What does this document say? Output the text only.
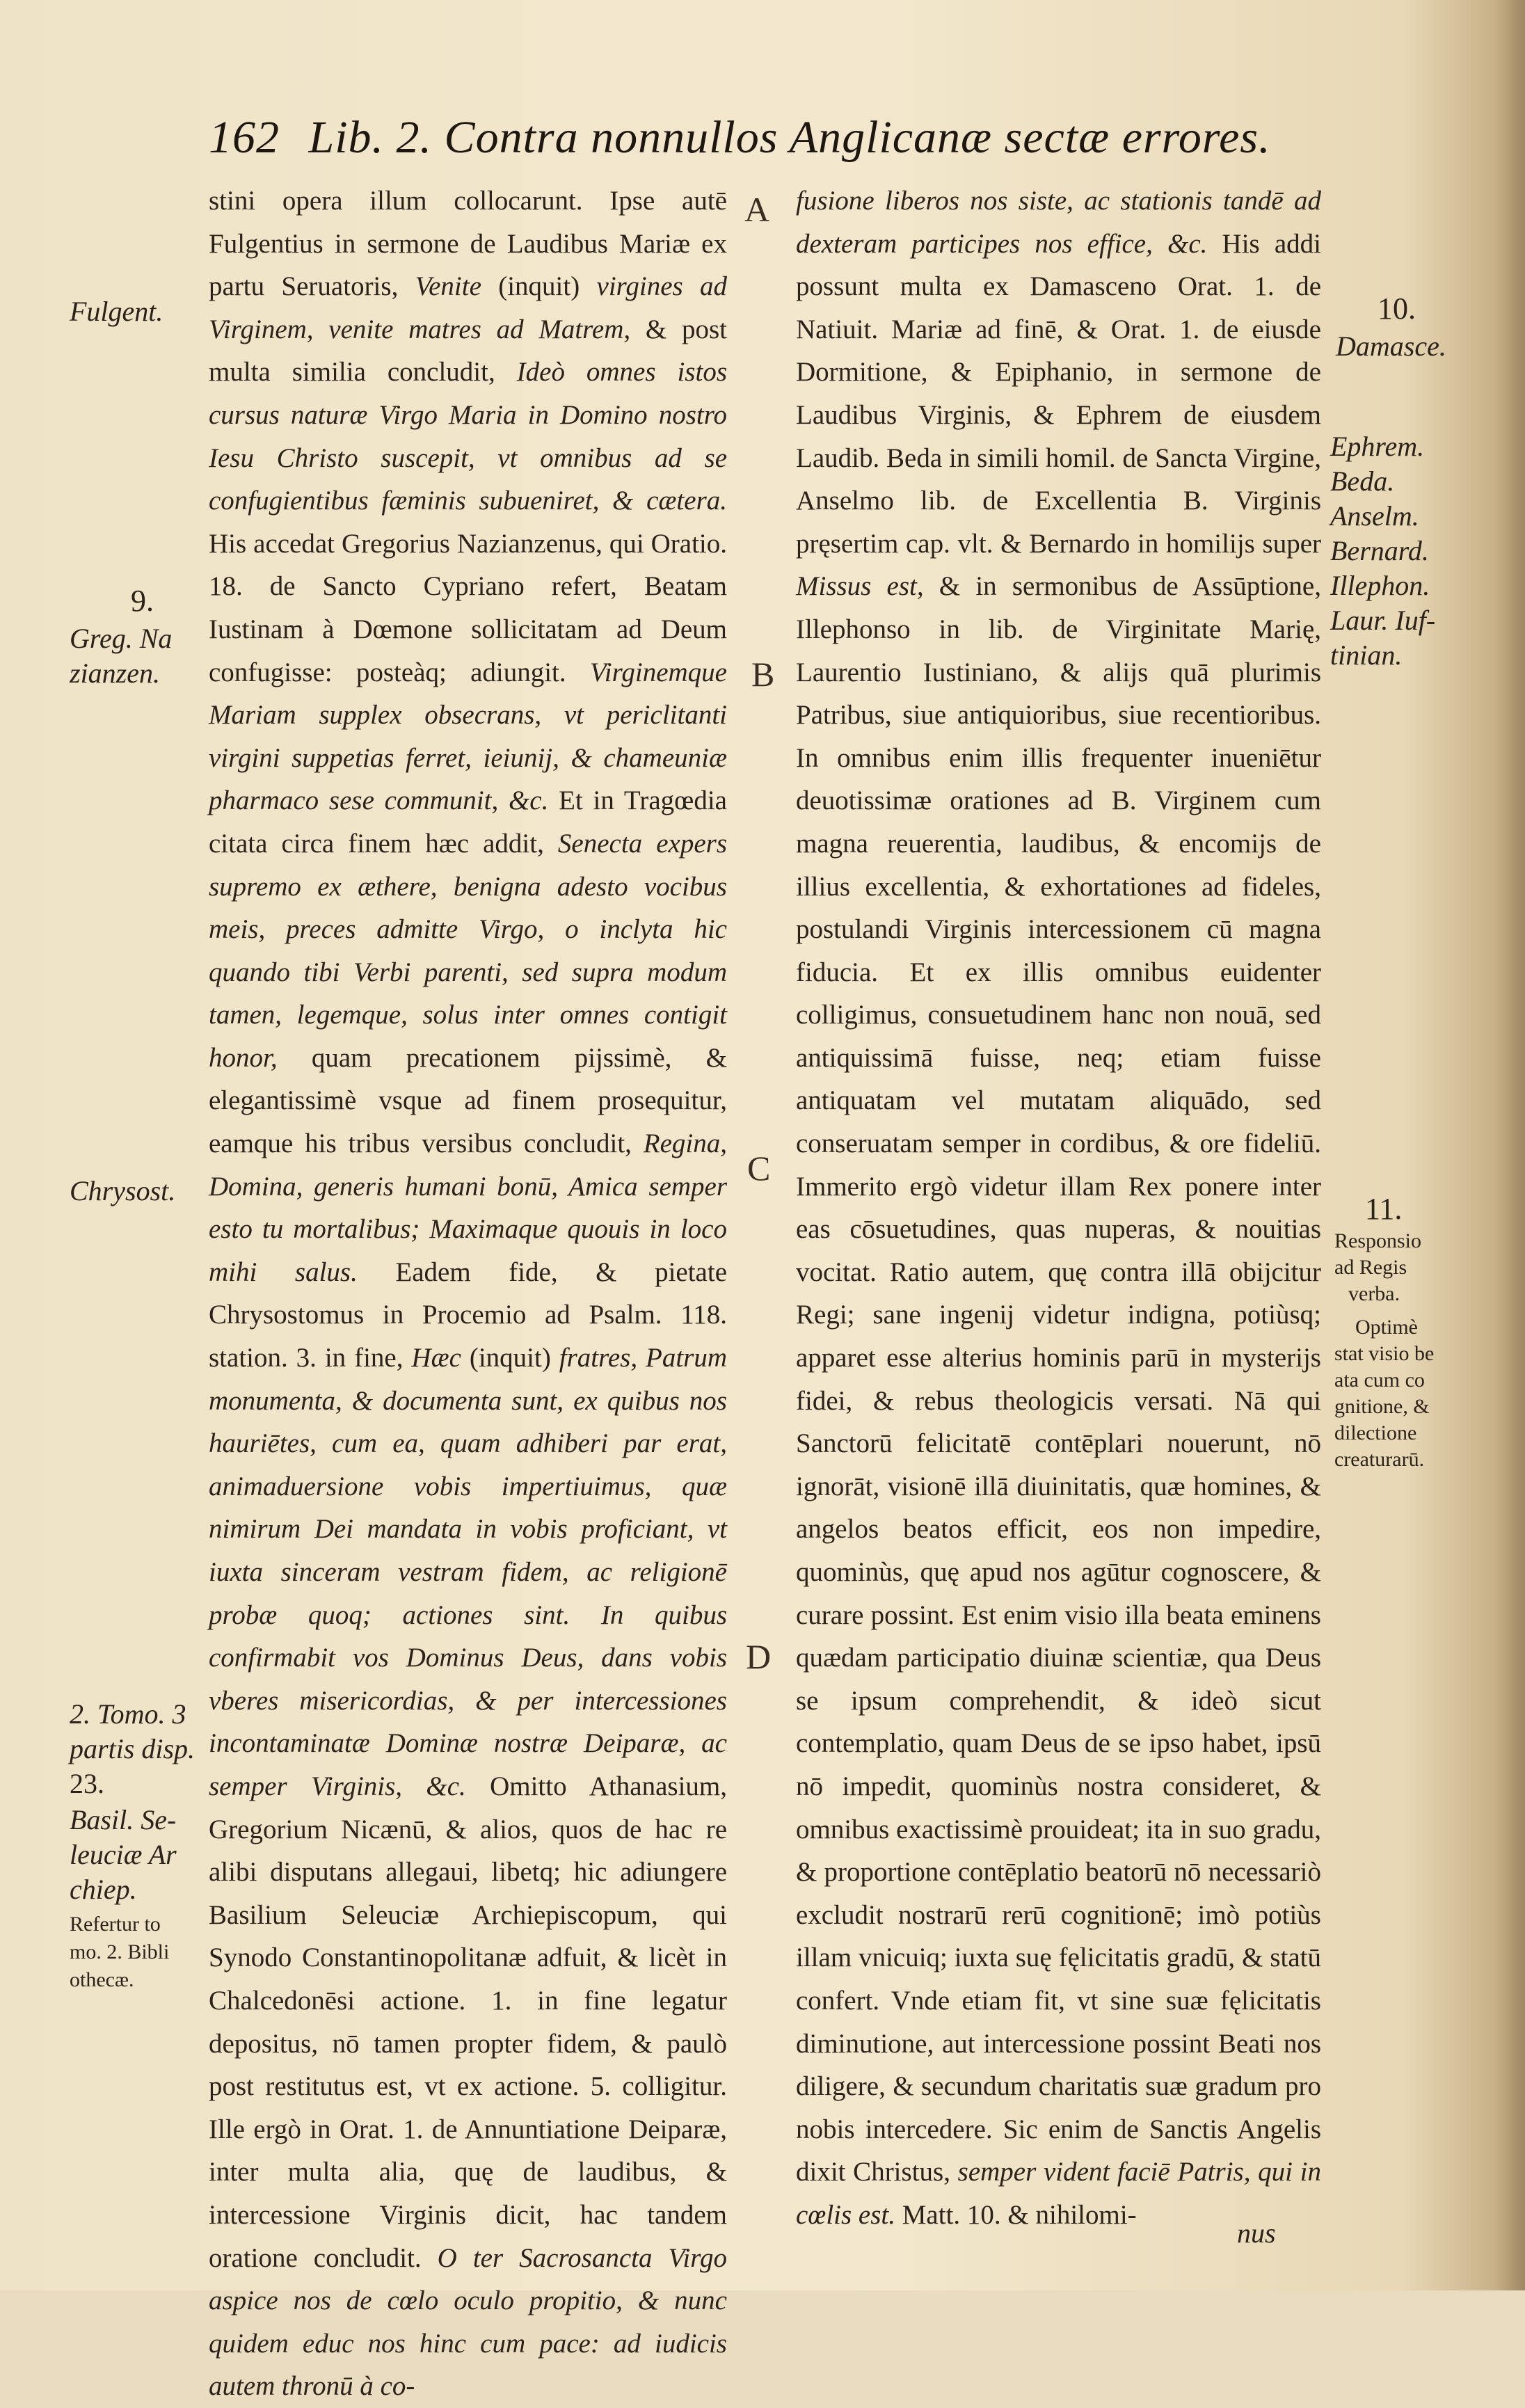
162 Lib. 2. Contra nonnullos Anglicanæ sectæ errores.

stini opera illum collocarunt. Ipse autē Fulgentius in sermone de Laudibus Mariæ ex partu Seruatoris, Venite (inquit) virgines ad Virginem, venite matres ad Matrem, & post multa similia concludit, Ideò omnes istos cursus naturæ Virgo Maria in Domino nostro Iesu Christo suscepit, vt omnibus ad se confugientibus fæminis subueniret, & cætera. His accedat Gregorius Nazianzenus, qui Oratio. 18. de Sancto Cypriano refert, Beatam Iustinam à Dœmone sollicitatam ad Deum confugisse: posteàq; adiungit. Virginemque Mariam supplex obsecrans, vt periclitanti virgini suppetias ferret, ieiunij, & chameuniæ pharmaco sese communit, &c. Et in Tragœdia citata circa finem hæc addit, Senecta expers supremo ex æthere, benigna adesto vocibus meis, preces admitte Virgo, o inclyta hic quando tibi Verbi parenti, sed supra modum tamen, legemque, solus inter omnes contigit honor, quam precationem pijssimè, & elegantissimè vsque ad finem prosequitur, eamque his tribus versibus concludit, Regina, Domina, generis humani bonū, Amica semper esto tu mortalibus; Maximaque quouis in loco mihi salus. Eadem fide, & pietate Chrysostomus in Procemio ad Psalm. 118. station. 3. in fine, Hæc (inquit) fratres, Patrum monumenta, & documenta sunt, ex quibus nos hauriētes, cum ea, quam adhiberi par erat, animaduersione vobis impertiuimus, quæ nimirum Dei mandata in vobis proficiant, vt iuxta sinceram vestram fidem, ac religionē probæ quoq; actiones sint. In quibus confirmabit vos Dominus Deus, dans vobis vberes misericordias, & per intercessiones incontaminatæ Dominæ nostræ Deiparæ, ac semper Virginis, &c. Omitto Athanasium, Gregorium Nicænū, & alios, quos de hac re alibi disputans allegaui, libetq; hic adiungere Basilium Seleuciæ Archiepiscopum, qui Synodo Constantinopolitanæ adfuit, & licèt in Chalcedonēsi actione. 1. in fine legatur depositus, nō tamen propter fidem, & paulò post restitutus est, vt ex actione. 5. colligitur. Ille ergò in Orat. 1. de Annuntiatione Deiparæ, inter multa alia, quę de laudibus, & intercessione Virginis dicit, hac tandem oratione concludit. O ter Sacrosancta Virgo aspice nos de cœlo oculo propitio, & nunc quidem educ nos hinc cum pace: ad iudicis autem thronū à co-

fusione liberos nos siste, ac stationis tandē ad dexteram participes nos effice, &c. His addi possunt multa ex Damasceno Orat. 1. de Natiuit. Mariæ ad finē, & Orat. 1. de eiusde Dormitione, & Epiphanio, in sermone de Laudibus Virginis, & Ephrem de eiusdem Laudib. Beda in simili homil. de Sancta Virgine, Anselmo lib. de Excellentia B. Virginis pręsertim cap. vlt. & Bernardo in homilijs super Missus est, & in sermonibus de Assūptione, Illephonso in lib. de Virginitate Marię, Laurentio Iustiniano, & alijs quā plurimis Patribus, siue antiquioribus, siue recentioribus. In omnibus enim illis frequenter inueniētur deuotissimæ orationes ad B. Virginem cum magna reuerentia, laudibus, & encomijs de illius excellentia, & exhortationes ad fideles, postulandi Virginis intercessionem cū magna fiducia. Et ex illis omnibus euidenter colligimus, consuetudinem hanc non nouā, sed antiquissimā fuisse, neq; etiam fuisse antiquatam vel mutatam aliquādo, sed conseruatam semper in cordibus, & ore fideliū. Immerito ergò videtur illam Rex ponere inter eas cōsuetudines, quas nuperas, & nouitias vocitat. Ratio autem, quę contra illā obijcitur Regi; sane ingenij videtur indigna, potiùsq; apparet esse alterius hominis parū in mysterijs fidei, & rebus theologicis versati. Nā qui Sanctorū felicitatē contēplari nouerunt, nō ignorāt, visionē illā diuinitatis, quæ homines, & angelos beatos efficit, eos non impedire, quominùs, quę apud nos agūtur cognoscere, & curare possint. Est enim visio illa beata eminens quædam participatio diuinæ scientiæ, qua Deus se ipsum comprehendit, & ideò sicut contemplatio, quam Deus de se ipso habet, ipsū nō impedit, quominùs nostra consideret, & omnibus exactissimè prouideat; ita in suo gradu, & proportione contēplatio beatorū nō necessariò excludit nostrarū rerū cognitionē; imò potiùs illam vnicuiq; iuxta suę fęlicitatis gradū, & statū confert. Vnde etiam fit, vt sine suæ fęlicitatis diminutione, aut intercessione possint Beati nos diligere, & secundum charitatis suæ gradum pro nobis intercedere. Sic enim de Sanctis Angelis dixit Christus, semper vident faciē Patris, qui in cœlis est. Matt. 10. & nihilomi-

A
B
C
D
Fulgent.
9.
Greg. Na
zianzen.
Chrysost.
2. Tomo. 3
partis disp.
23.
Basil. Se-
leuciæ Ar
chiep.
Refertur to
mo. 2. Bibli
othecæ.
10.
Damasce.
Ephrem.
Beda.
Anselm.
Bernard.
Illephon.
Laur. Iuf-
tinian.
11.
Responsio
ad Regis
verba.
Optimè
stat visio be
ata cum co
gnitione, &
dilectione
creaturarū.
nus
